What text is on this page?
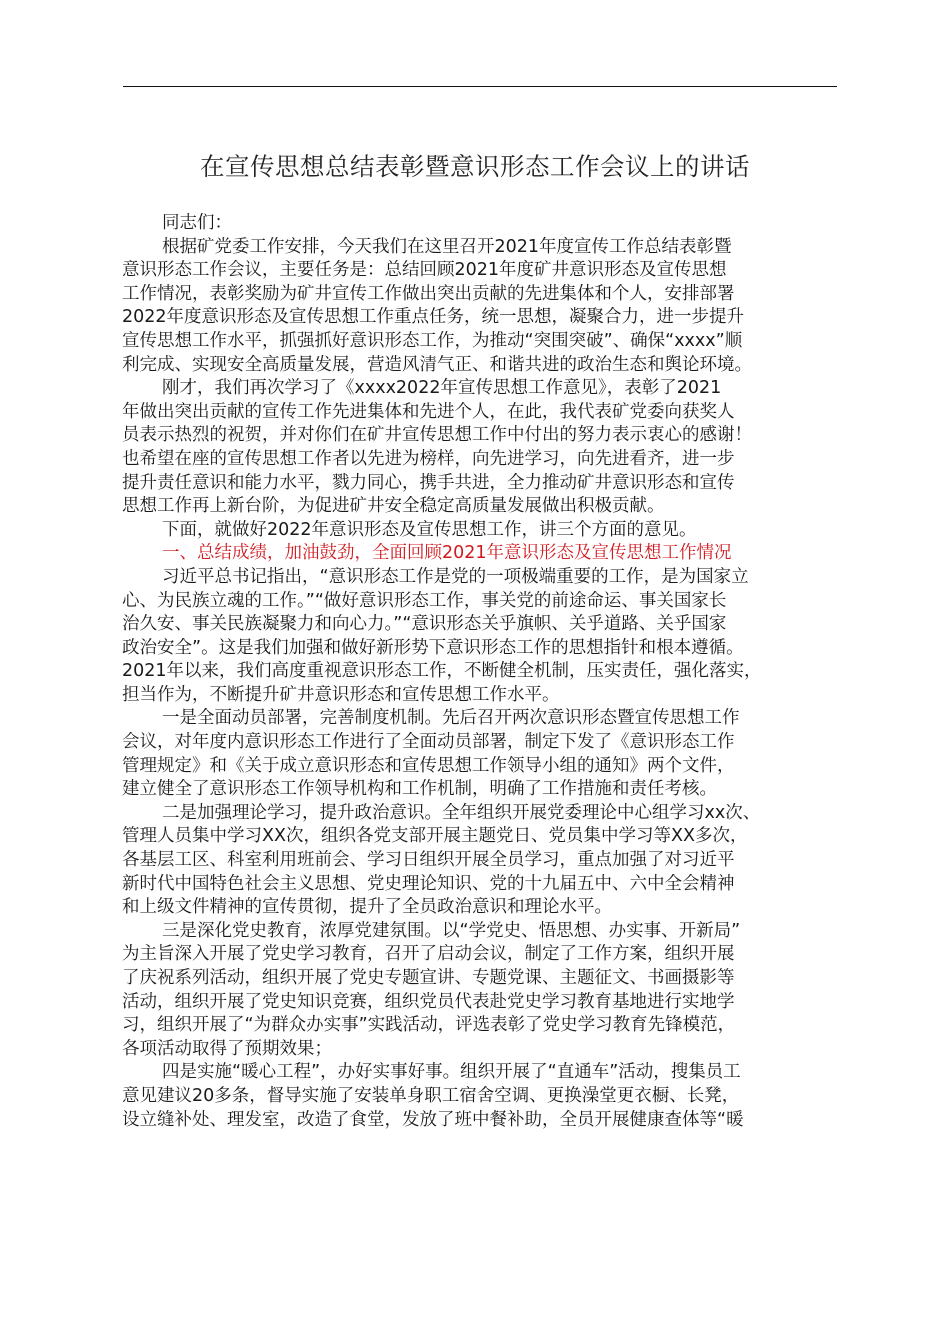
在宣传思想总结表彰暨意识形态工作会议上的讲话
同志们：
根据矿党委工作安排，今天我们在这里召开2021年度宣传工作总结表彰暨
意识形态工作会议，主要任务是：总结回顾2021年度矿井意识形态及宣传思想
工作情况，表彰奖励为矿井宣传工作做出突出贡献的先进集体和个人，安排部署
2022年度意识形态及宣传思想工作重点任务，统一思想，凝聚合力，进一步提升
宣传思想工作水平，抓强抓好意识形态工作，为推动“突围突破”、确保“xxxx”顺
利完成、实现安全高质量发展，营造风清气正、和谐共进的政治生态和舆论环境。
刚才，我们再次学习了《xxxx2022年宣传思想工作意见》，表彰了2021
年做出突出贡献的宣传工作先进集体和先进个人，在此，我代表矿党委向获奖人
员表示热烈的祝贺，并对你们在矿井宣传思想工作中付出的努力表示衷心的感谢！
也希望在座的宣传思想工作者以先进为榜样，向先进学习，向先进看齐，进一步
提升责任意识和能力水平，戮力同心，携手共进，全力推动矿井意识形态和宣传
思想工作再上新台阶，为促进矿井安全稳定高质量发展做出积极贡献。
下面，就做好2022年意识形态及宣传思想工作，讲三个方面的意见。
一、总结成绩，加油鼓劲，全面回顾2021年意识形态及宣传思想工作情况
习近平总书记指出，“意识形态工作是党的一项极端重要的工作，是为国家立
心、为民族立魂的工作。”“做好意识形态工作，事关党的前途命运、事关国家长
治久安、事关民族凝聚力和向心力。”“意识形态关乎旗帜、关乎道路、关乎国家
政治安全”。这是我们加强和做好新形势下意识形态工作的思想指针和根本遵循。
2021年以来，我们高度重视意识形态工作，不断健全机制，压实责任，强化落实，
担当作为，不断提升矿井意识形态和宣传思想工作水平。
一是全面动员部署，完善制度机制。先后召开两次意识形态暨宣传思想工作
会议，对年度内意识形态工作进行了全面动员部署，制定下发了《意识形态工作
管理规定》和《关于成立意识形态和宣传思想工作领导小组的通知》两个文件，
建立健全了意识形态工作领导机构和工作机制，明确了工作措施和责任考核。
二是加强理论学习，提升政治意识。全年组织开展党委理论中心组学习xx次、
管理人员集中学习XX次，组织各党支部开展主题党日、党员集中学习等XX多次，
各基层工区、科室利用班前会、学习日组织开展全员学习，重点加强了对习近平
新时代中国特色社会主义思想、党史理论知识、党的十九届五中、六中全会精神
和上级文件精神的宣传贯彻，提升了全员政治意识和理论水平。
三是深化党史教育，浓厚党建氛围。以“学党史、悟思想、办实事、开新局”
为主旨深入开展了党史学习教育，召开了启动会议，制定了工作方案，组织开展
了庆祝系列活动，组织开展了党史专题宣讲、专题党课、主题征文、书画摄影等
活动，组织开展了党史知识竞赛，组织党员代表赴党史学习教育基地进行实地学
习，组织开展了“为群众办实事”实践活动，评选表彰了党史学习教育先锋模范，
各项活动取得了预期效果；
四是实施“暖心工程”，办好实事好事。组织开展了“直通车”活动，搜集员工
意见建议20多条，督导实施了安装单身职工宿舍空调、更换澡堂更衣橱、长凳，
设立缝补处、理发室，改造了食堂，发放了班中餐补助，全员开展健康查体等“暖
